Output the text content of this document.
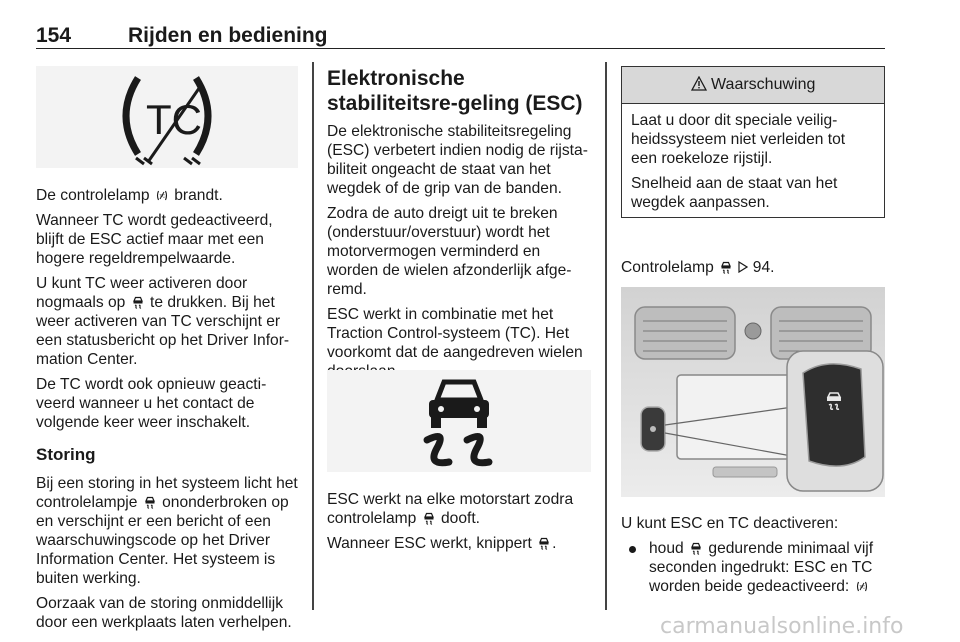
154	Rijden en bediening
TC

De controlelamp brandt.

Wanneer TC wordt gedeactiveerd, blijft de ESC actief maar met een hogere regeldrempelwaarde.

U kunt TC weer activeren door nogmaals op te drukken. Bij het weer activeren van TC verschijnt er een statusbericht op het Driver Infor-mation Center.

De TC wordt ook opnieuw geacti-veerd wanneer u het contact de volgende keer weer inschakelt.

Storing

Bij een storing in het systeem licht het controlelampje ononderbroken op en verschijnt er een bericht of een waarschuwingscode op het Driver Information Center. Het systeem is buiten werking.

Oorzaak van de storing onmiddellijk door een werkplaats laten verhelpen.

Elektronische stabiliteitsre-geling (ESC)

De elektronische stabiliteitsregeling (ESC) verbetert indien nodig de rijsta-biliteit ongeacht de staat van het wegdek of de grip van de banden.

Zodra de auto dreigt uit te breken (onderstuur/overstuur) wordt het motorvermogen verminderd en worden de wielen afzonderlijk afge-remd.

ESC werkt in combinatie met het Traction Control-systeem (TC). Het voorkomt dat de aangedreven wielen

ESC werkt na elke motorstart zodra controlelamp dooft.

Wanneer ESC werkt, knippert .

Waarschuwing

Laat u door dit speciale veilig-heidssysteem niet verleiden tot een roekeloze rijstijl.

Snelheid aan de staat van het wegdek aanpassen.

Controlelamp	94.

U kunt ESC en TC deactiveren:

houd gedurende minimaal vijf seconden ingedrukt: ESC en TC worden beide gedeactiveerd:
carmanualsonline.info
